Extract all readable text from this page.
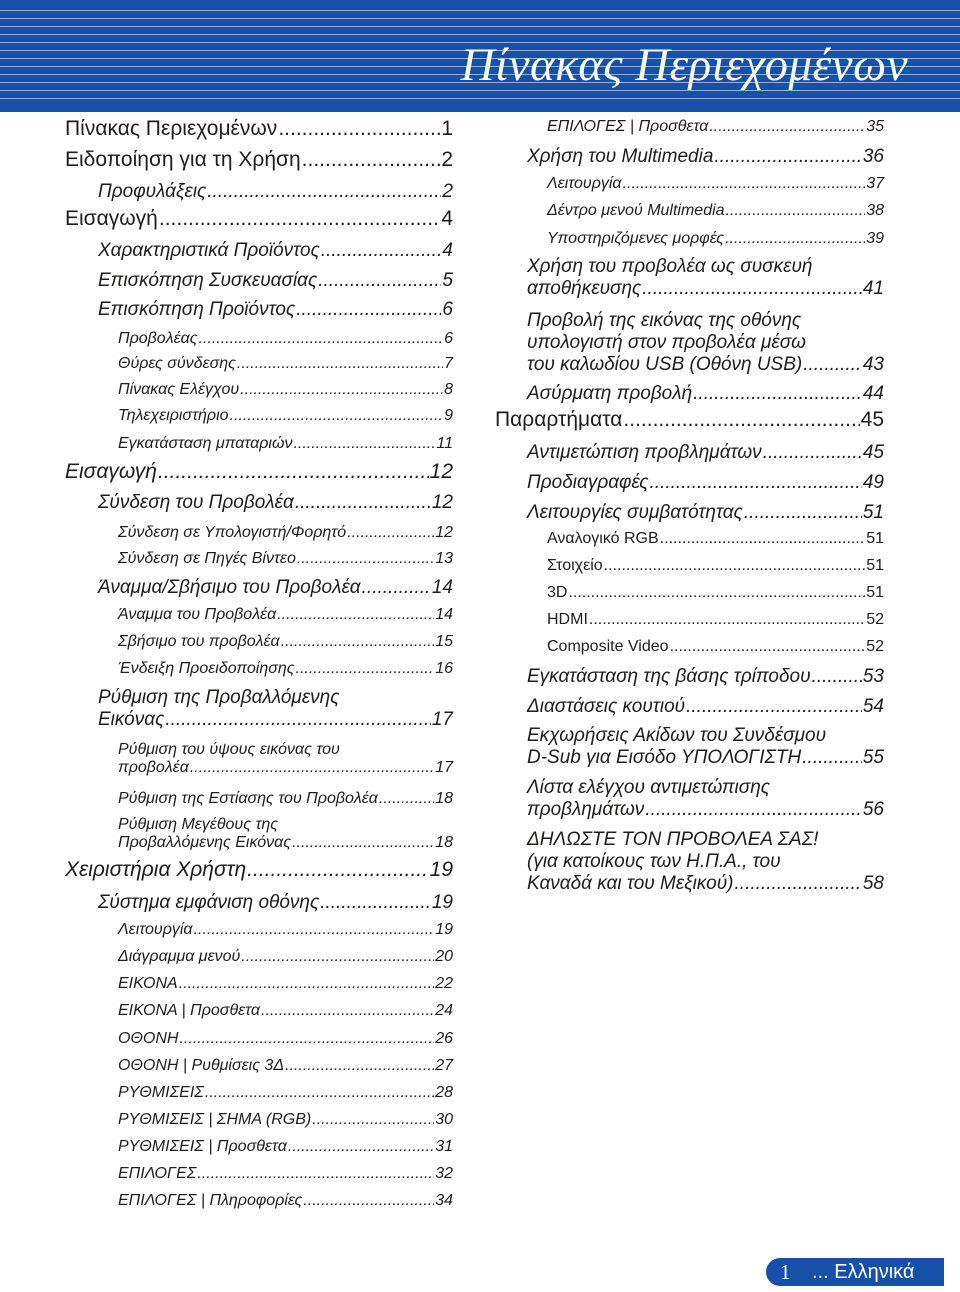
Πίνακας Περιεχομένων
Πίνακας Περιεχομένων .....	1
Ειδοποίηση για τη Χρήση .....	2
Προφυλάξεις .....	2
Εισαγωγή .....	4
Χαρακτηριστικά Προϊόντος .....	4
Επισκόπηση Συσκευασίας .....	5
Επισκόπηση Προϊόντος .....	6
Προβολέας .....	6
Θύρες σύνδεσης .....	7
Πίνακας Ελέγχου .....	8
Τηλεχειριστήριο .....	9
Εγκατάσταση μπαταριών .....	11
Εισαγωγή .....	12
Σύνδεση του Προβολέα .....	12
Σύνδεση σε Υπολογιστή/Φορητό .....	12
Σύνδεση σε Πηγές Βίντεο .....	13
Άναμμα/Σβήσιμο του Προβολέα .....	14
Άναμμα του Προβολέα .....	14
Σβήσιμο του προβολέα .....	15
Ένδειξη Προειδοποίησης .....	16
Ρύθμιση της Προβαλλόμενης
Εικόνας .....	17
Ρύθμιση του ύψους εικόνας του
προβολέα .....	17
Ρύθμιση της Εστίασης του Προβολέα .....	18
Ρύθμιση Μεγέθους της
Προβαλλόμενης Εικόνας .....	18
Χειριστήρια Χρήστη .....	19
Σύστημα εμφάνιση οθόνης .....	19
Λειτουργία .....	19
Διάγραμμα μενού .....	20
ΕΙΚΟΝΑ .....	22
ΕΙΚΟΝΑ | Προσθετα .....	24
ΟΘΟΝΗ .....	26
ΟΘΟΝΗ | Ρυθμίσεις 3Δ .....	27
ΡΥΘΜΙΣΕΙΣ .....	28
ΡΥΘΜΙΣΕΙΣ | ΣΗΜΑ (RGB) .....	30
ΡΥΘΜΙΣΕΙΣ | Προσθετα .....	31
ΕΠΙΛΟΓΕΣ .....	32
ΕΠΙΛΟΓΕΣ | Πληροφορίες .....	34
ΕΠΙΛΟΓΕΣ | Προσθετα .....	35
Χρήση του Multimedia .....	36
Λειτουργία .....	37
Δέντρο μενού Multimedia .....	38
Υποστηριζόμενες μορφές .....	39
Χρήση του προβολέα ως συσκευή
αποθήκευσης .....	41
Προβολή της εικόνας της οθόνης
υπολογιστή στον προβολέα μέσω
του καλωδίου USB (Οθόνη USB) .....	43
Ασύρματη προβολή .....	44
Παραρτήματα .....	45
Αντιμετώπιση προβλημάτων .....	45
Προδιαγραφές .....	49
Λειτουργίες συμβατότητας .....	51
Αναλογικό RGB .....	51
Στοιχείο .....	51
3D .....	51
HDMI .....	52
Composite Video .....	52
Εγκατάσταση της βάσης τρίποδου .....	53
Διαστάσεις κουτιού .....	54
Εκχωρήσεις Ακίδων του Συνδέσμου
D-Sub για Εισόδο ΥΠΟΛΟΓΙΣΤΗ .....	55
Λίστα ελέγχου αντιμετώπισης
προβλημάτων .....	56
ΔΗΛΩΣΤΕ ΤΟΝ ΠΡΟΒΟΛΕΑ ΣΑΣ!
(για κατοίκους των Η.Π.Α., του
Καναδά και του Μεξικού) .....	58
1	... Ελληνικά
